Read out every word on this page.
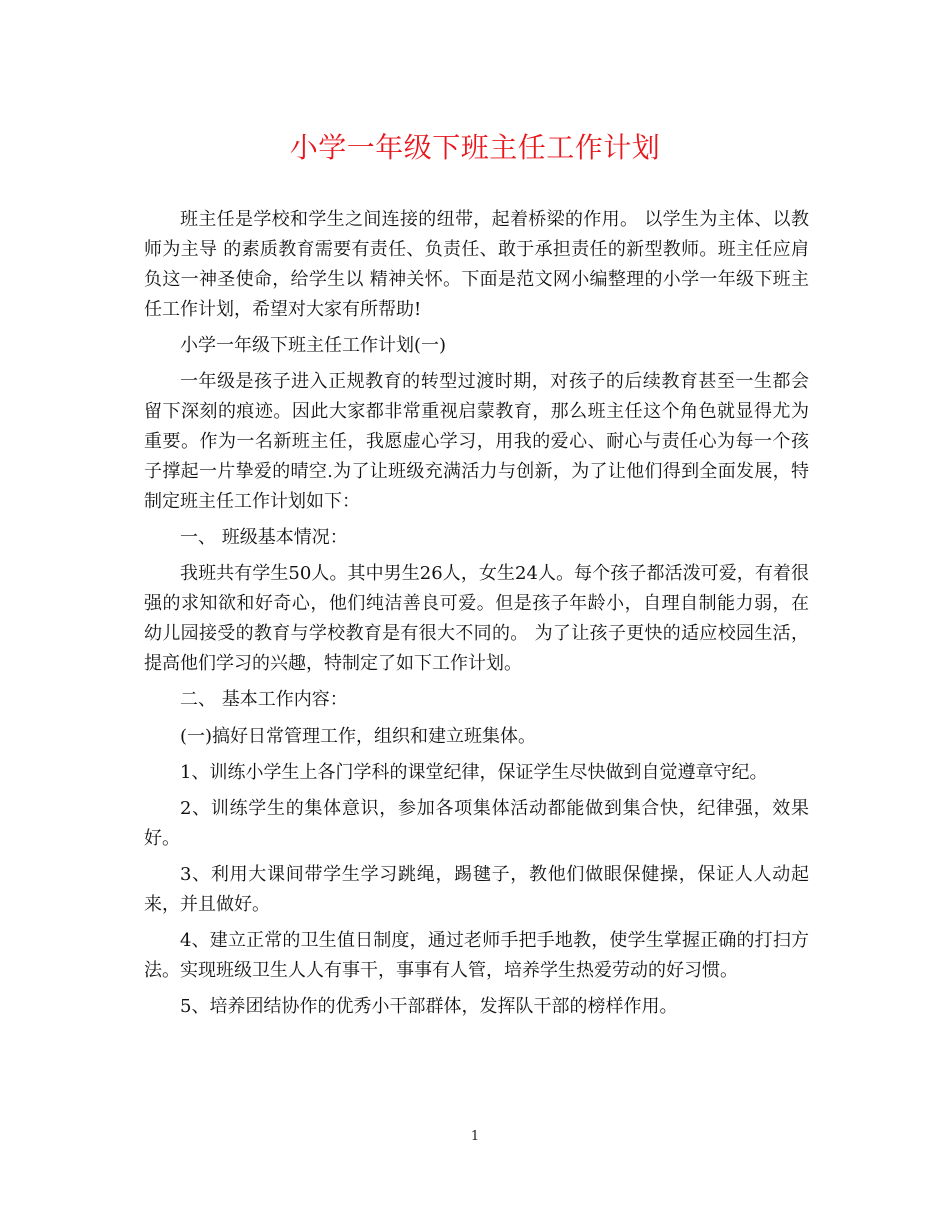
小学一年级下班主任工作计划

班主任是学校和学生之间连接的纽带，起着桥梁的作用。 以学生为主体、以教师为主导 的素质教育需要有责任、负责任、敢于承担责任的新型教师。班主任应肩负这一神圣使命，给学生以 精神关怀。下面是范文网小编整理的小学一年级下班主任工作计划，希望对大家有所帮助!

小学一年级下班主任工作计划(一)

一年级是孩子进入正规教育的转型过渡时期，对孩子的后续教育甚至一生都会留下深刻的痕迹。因此大家都非常重视启蒙教育，那么班主任这个角色就显得尤为重要。作为一名新班主任，我愿虚心学习，用我的爱心、耐心与责任心为每一个孩子撑起一片挚爱的晴空.为了让班级充满活力与创新，为了让他们得到全面发展，特制定班主任工作计划如下：

一、 班级基本情况：

我班共有学生50人。其中男生26人，女生24人。每个孩子都活泼可爱，有着很强的求知欲和好奇心，他们纯洁善良可爱。但是孩子年龄小，自理自制能力弱，在幼儿园接受的教育与学校教育是有很大不同的。 为了让孩子更快的适应校园生活，提高他们学习的兴趣，特制定了如下工作计划。

二、 基本工作内容：

(一)搞好日常管理工作，组织和建立班集体。

1、训练小学生上各门学科的课堂纪律，保证学生尽快做到自觉遵章守纪。

2、训练学生的集体意识，参加各项集体活动都能做到集合快，纪律强，效果好。

3、利用大课间带学生学习跳绳，踢毽子，教他们做眼保健操，保证人人动起来，并且做好。

4、建立正常的卫生值日制度，通过老师手把手地教，使学生掌握正确的打扫方法。实现班级卫生人人有事干，事事有人管，培养学生热爱劳动的好习惯。

5、培养团结协作的优秀小干部群体，发挥队干部的榜样作用。

1
